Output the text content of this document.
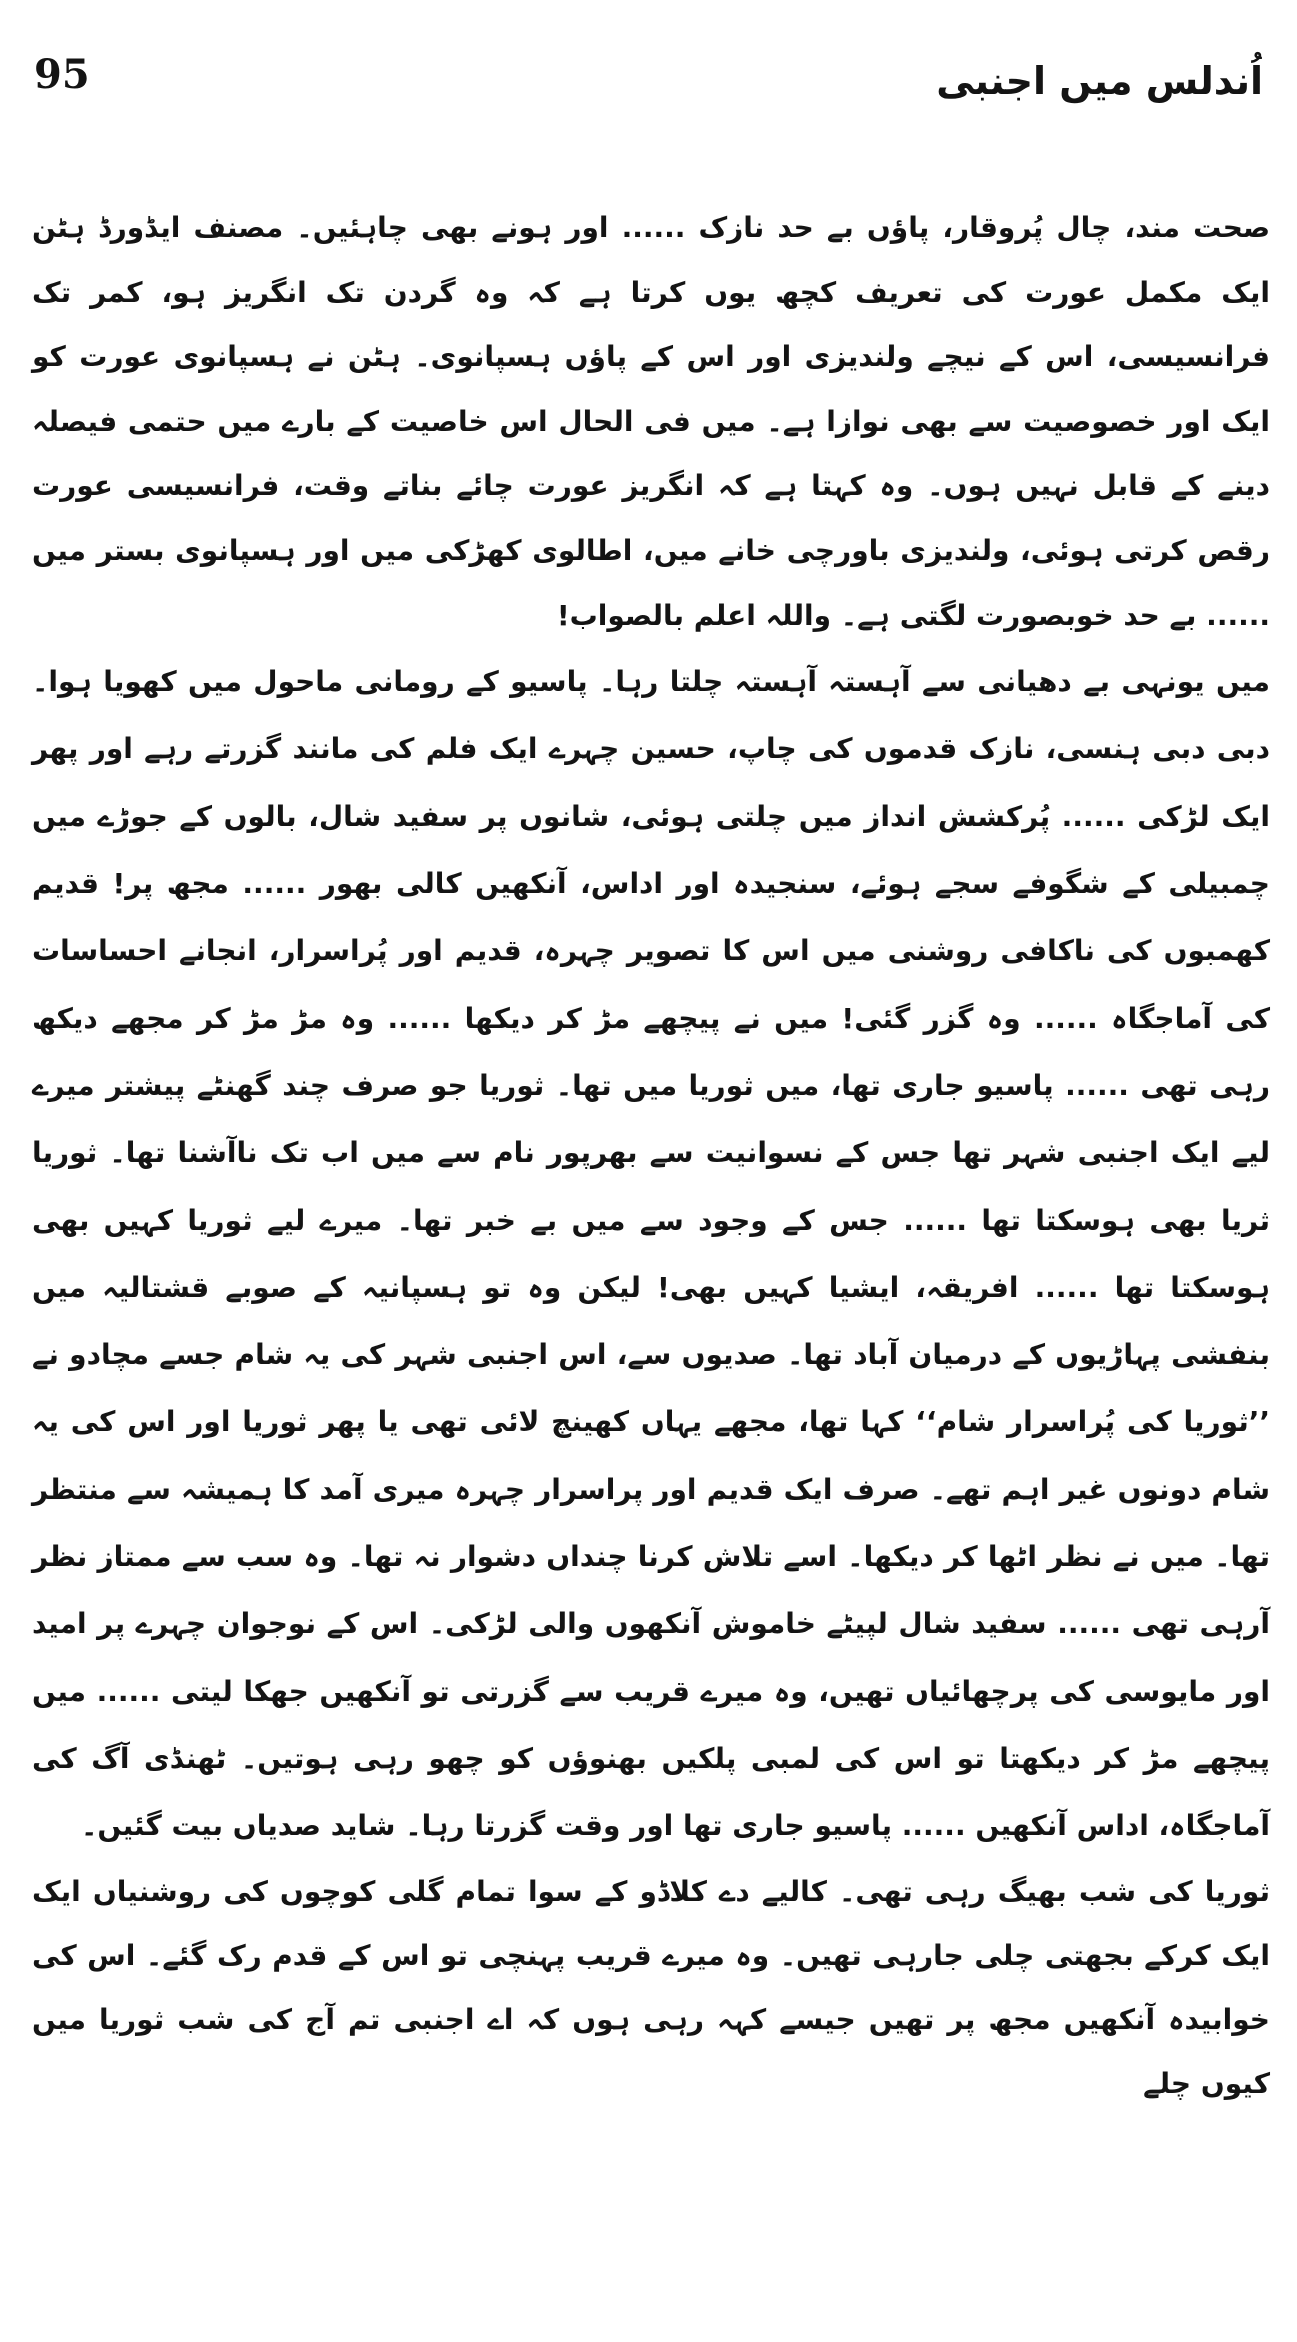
95	اُندلس میں اجنبی

صحت مند، چال پُروقار، پاؤں بے حد نازک ...... اور ہونے بھی چاہئیں۔ مصنف ایڈورڈ ہٹن ایک مکمل عورت کی تعریف کچھ یوں کرتا ہے کہ وہ گردن تک انگریز ہو، کمر تک فرانسیسی، اس کے نیچے ولندیزی اور اس کے پاؤں ہسپانوی۔ ہٹن نے ہسپانوی عورت کو ایک اور خصوصیت سے بھی نوازا ہے۔ میں فی الحال اس خاصیت کے بارے میں حتمی فیصلہ دینے کے قابل نہیں ہوں۔ وہ کہتا ہے کہ انگریز عورت چائے بناتے وقت، فرانسیسی عورت رقص کرتی ہوئی، ولندیزی باورچی خانے میں، اطالوی کھڑکی میں اور ہسپانوی بستر میں ...... بے حد خوبصورت لگتی ہے۔ واللہ اعلم بالصواب!

میں یونہی بے دھیانی سے آہستہ آہستہ چلتا رہا۔ پاسیو کے رومانی ماحول میں کھویا ہوا۔ دبی دبی ہنسی، نازک قدموں کی چاپ، حسین چہرے ایک فلم کی مانند گزرتے رہے اور پھر ایک لڑکی ...... پُرکشش انداز میں چلتی ہوئی، شانوں پر سفید شال، بالوں کے جوڑے میں چمبیلی کے شگوفے سجے ہوئے، سنجیدہ اور اداس، آنکھیں کالی بھور ...... مجھ پر! قدیم کھمبوں کی ناکافی روشنی میں اس کا تصویر چہرہ، قدیم اور پُراسرار، انجانے احساسات کی آماجگاہ ...... وہ گزر گئی! میں نے پیچھے مڑ کر دیکھا ...... وہ مڑ مڑ کر مجھے دیکھ رہی تھی ...... پاسیو جاری تھا، میں ثوریا میں تھا۔ ثوریا جو صرف چند گھنٹے پیشتر میرے لیے ایک اجنبی شہر تھا جس کے نسوانیت سے بھرپور نام سے میں اب تک ناآشنا تھا۔ ثوریا ثریا بھی ہوسکتا تھا ...... جس کے وجود سے میں بے خبر تھا۔ میرے لیے ثوریا کہیں بھی ہوسکتا تھا ...... افریقہ، ایشیا کہیں بھی! لیکن وہ تو ہسپانیہ کے صوبے قشتالیہ میں بنفشی پہاڑیوں کے درمیان آباد تھا۔ صدیوں سے، اس اجنبی شہر کی یہ شام جسے مچادو نے ’’ثوریا کی پُراسرار شام‘‘ کہا تھا، مجھے یہاں کھینچ لائی تھی یا پھر ثوریا اور اس کی یہ شام دونوں غیر اہم تھے۔ صرف ایک قدیم اور پراسرار چہرہ میری آمد کا ہمیشہ سے منتظر تھا۔ میں نے نظر اٹھا کر دیکھا۔ اسے تلاش کرنا چنداں دشوار نہ تھا۔ وہ سب سے ممتاز نظر آرہی تھی ...... سفید شال لپیٹے خاموش آنکھوں والی لڑکی۔ اس کے نوجوان چہرے پر امید اور مایوسی کی پرچھائیاں تھیں، وہ میرے قریب سے گزرتی تو آنکھیں جھکا لیتی ...... میں پیچھے مڑ کر دیکھتا تو اس کی لمبی پلکیں بھنوؤں کو چھو رہی ہوتیں۔ ٹھنڈی آگ کی آماجگاہ، اداس آنکھیں ...... پاسیو جاری تھا اور وقت گزرتا رہا۔ شاید صدیاں بیت گئیں۔

ثوریا کی شب بھیگ رہی تھی۔ کالیے دے کلاڈو کے سوا تمام گلی کوچوں کی روشنیاں ایک ایک کرکے بجھتی چلی جارہی تھیں۔ وہ میرے قریب پہنچی تو اس کے قدم رک گئے۔ اس کی خوابیدہ آنکھیں مجھ پر تھیں جیسے کہہ رہی ہوں کہ اے اجنبی تم آج کی شب ثوریا میں کیوں چلے
